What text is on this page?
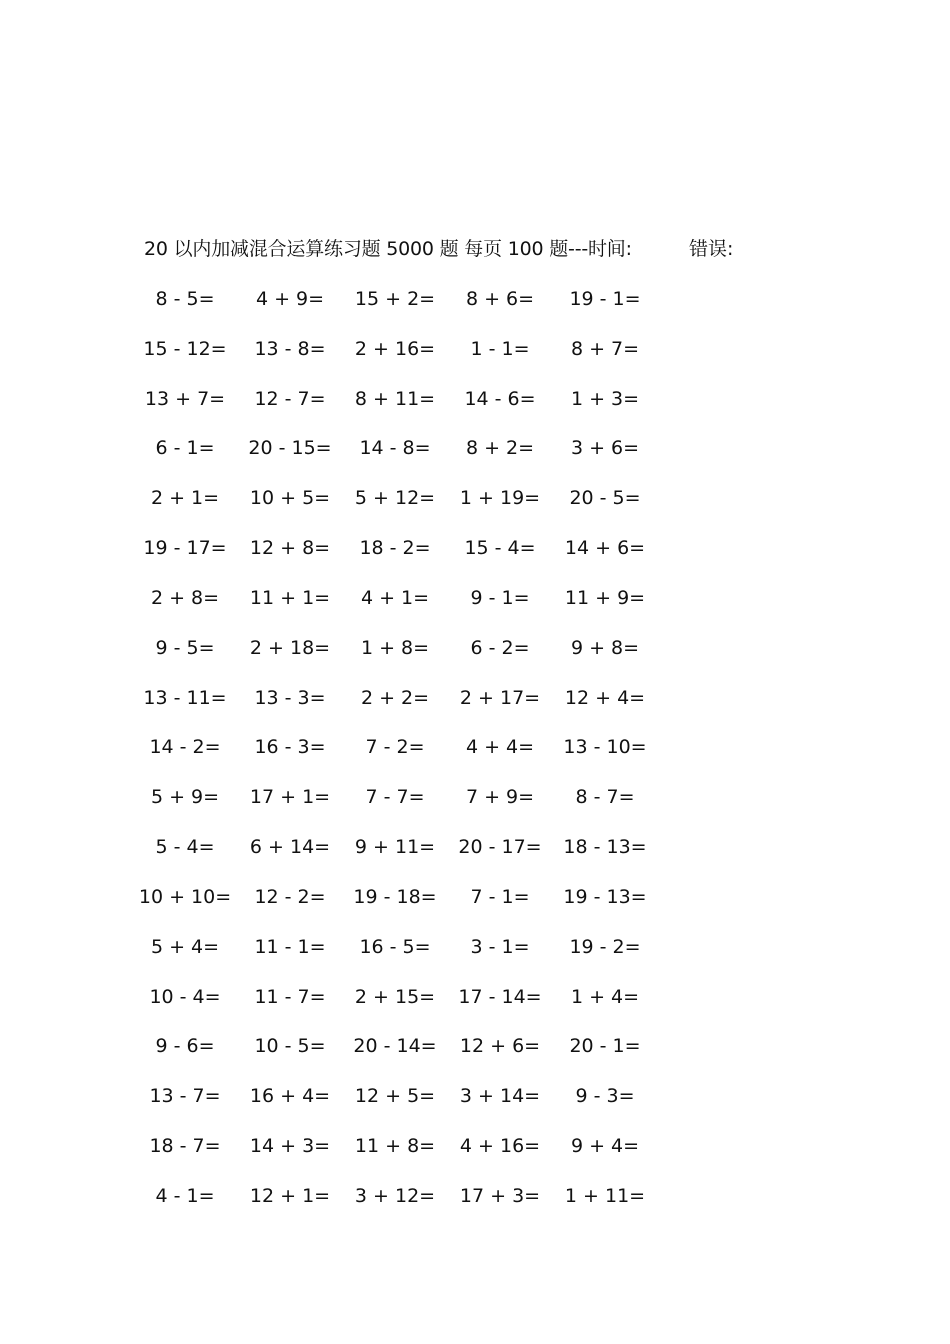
20 以内加减混合运算练习题 5000 题 每页 100 题---时间:	错误:
8 - 5=	4 + 9=	15 + 2=	8 + 6=	19 - 1=
15 - 12=	13 - 8=	2 + 16=	1 - 1=	8 + 7=
13 + 7=	12 - 7=	8 + 11=	14 - 6=	1 + 3=
6 - 1=	20 - 15=	14 - 8=	8 + 2=	3 + 6=
2 + 1=	10 + 5=	5 + 12=	1 + 19=	20 - 5=
19 - 17=	12 + 8=	18 - 2=	15 - 4=	14 + 6=
2 + 8=	11 + 1=	4 + 1=	9 - 1=	11 + 9=
9 - 5=	2 + 18=	1 + 8=	6 - 2=	9 + 8=
13 - 11=	13 - 3=	2 + 2=	2 + 17=	12 + 4=
14 - 2=	16 - 3=	7 - 2=	4 + 4=	13 - 10=
5 + 9=	17 + 1=	7 - 7=	7 + 9=	8 - 7=
5 - 4=	6 + 14=	9 + 11=	20 - 17=	18 - 13=
10 + 10=	12 - 2=	19 - 18=	7 - 1=	19 - 13=
5 + 4=	11 - 1=	16 - 5=	3 - 1=	19 - 2=
10 - 4=	11 - 7=	2 + 15=	17 - 14=	1 + 4=
9 - 6=	10 - 5=	20 - 14=	12 + 6=	20 - 1=
13 - 7=	16 + 4=	12 + 5=	3 + 14=	9 - 3=
18 - 7=	14 + 3=	11 + 8=	4 + 16=	9 + 4=
4 - 1=	12 + 1=	3 + 12=	17 + 3=	1 + 11=
